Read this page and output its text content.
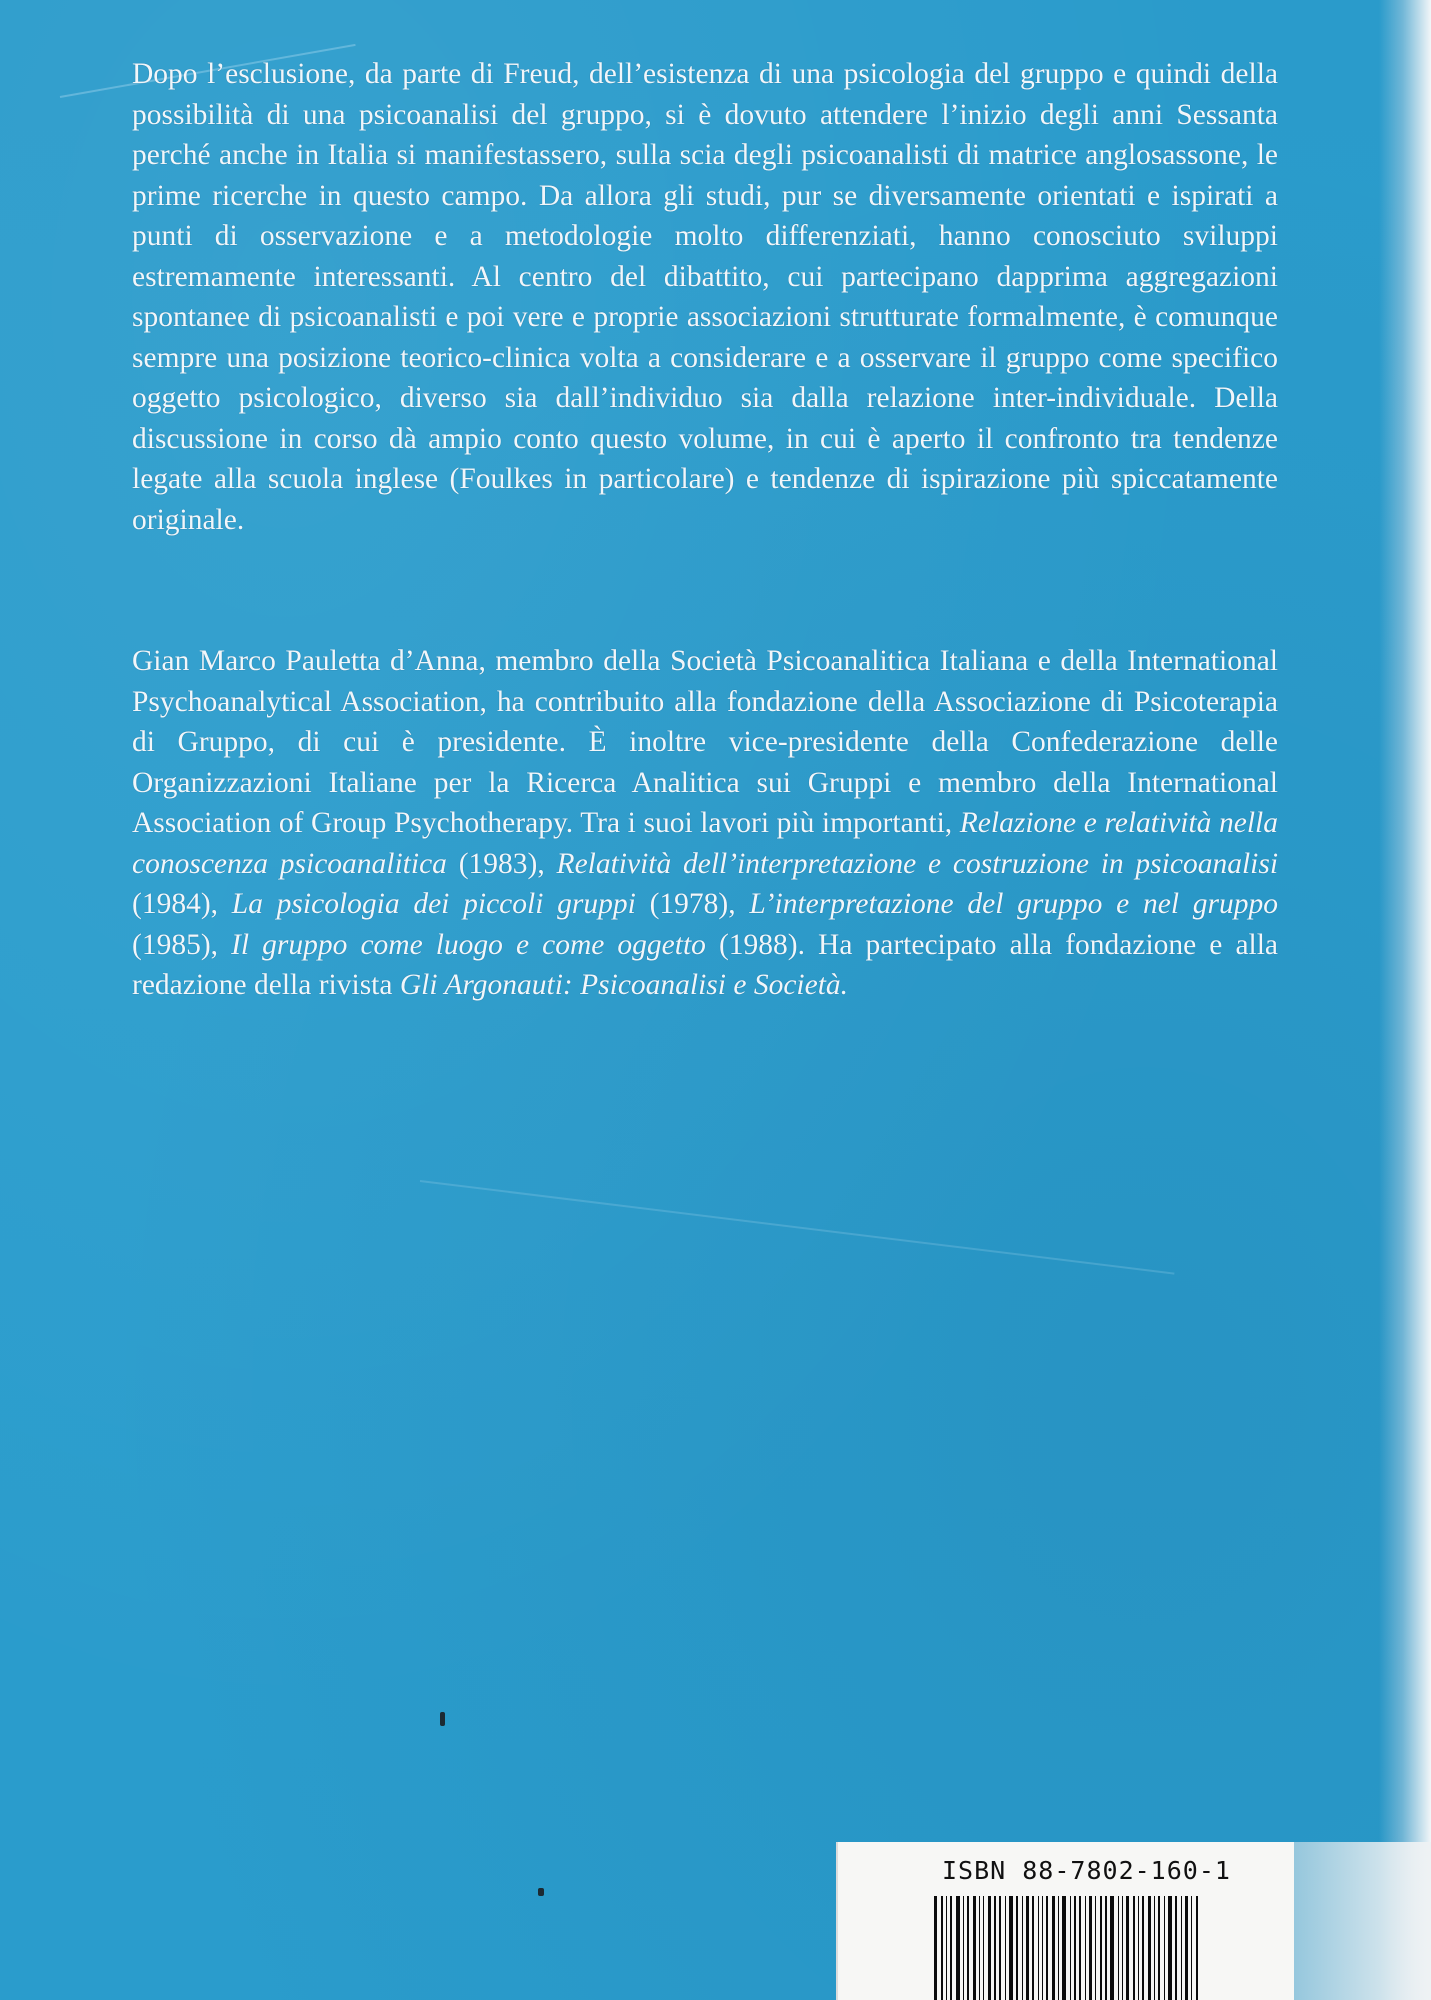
Dopo l’esclusione, da parte di Freud, dell’esistenza di una psicologia del gruppo e quindi della possibilità di una psicoanalisi del gruppo, si è dovuto attendere l’inizio degli anni Sessanta perché anche in Italia si manifestassero, sulla scia degli psicoanalisti di matrice anglosassone, le prime ricerche in questo campo. Da allora gli studi, pur se diversamente orientati e ispirati a punti di osservazione e a metodologie molto differenziati, hanno conosciuto sviluppi estremamente interessanti. Al centro del dibattito, cui partecipano dapprima aggregazioni spontanee di psicoanalisti e poi vere e proprie associazioni strutturate formalmente, è comunque sempre una posizione teorico-clinica volta a considerare e a osservare il gruppo come specifico oggetto psicologico, diverso sia dall’individuo sia dalla relazione inter-individuale. Della discussione in corso dà ampio conto questo volume, in cui è aperto il confronto tra tendenze legate alla scuola inglese (Foulkes in particolare) e tendenze di ispirazione più spiccatamente originale.

Gian Marco Pauletta d’Anna, membro della Società Psicoanalitica Italiana e della International Psychoanalytical Association, ha contribuito alla fondazione della Associazione di Psicoterapia di Gruppo, di cui è presidente. È inoltre vice-presidente della Confederazione delle Organizzazioni Italiane per la Ricerca Analitica sui Gruppi e membro della International Association of Group Psychotherapy. Tra i suoi lavori più importanti, Relazione e relatività nella conoscenza psicoanalitica (1983), Relatività dell’interpretazione e costruzione in psicoanalisi (1984), La psicologia dei piccoli gruppi (1978), L’interpretazione del gruppo e nel gruppo (1985), Il gruppo come luogo e come oggetto (1988). Ha partecipato alla fondazione e alla redazione della rivista Gli Argonauti: Psicoanalisi e Società.

ISBN 88-7802-160-1
